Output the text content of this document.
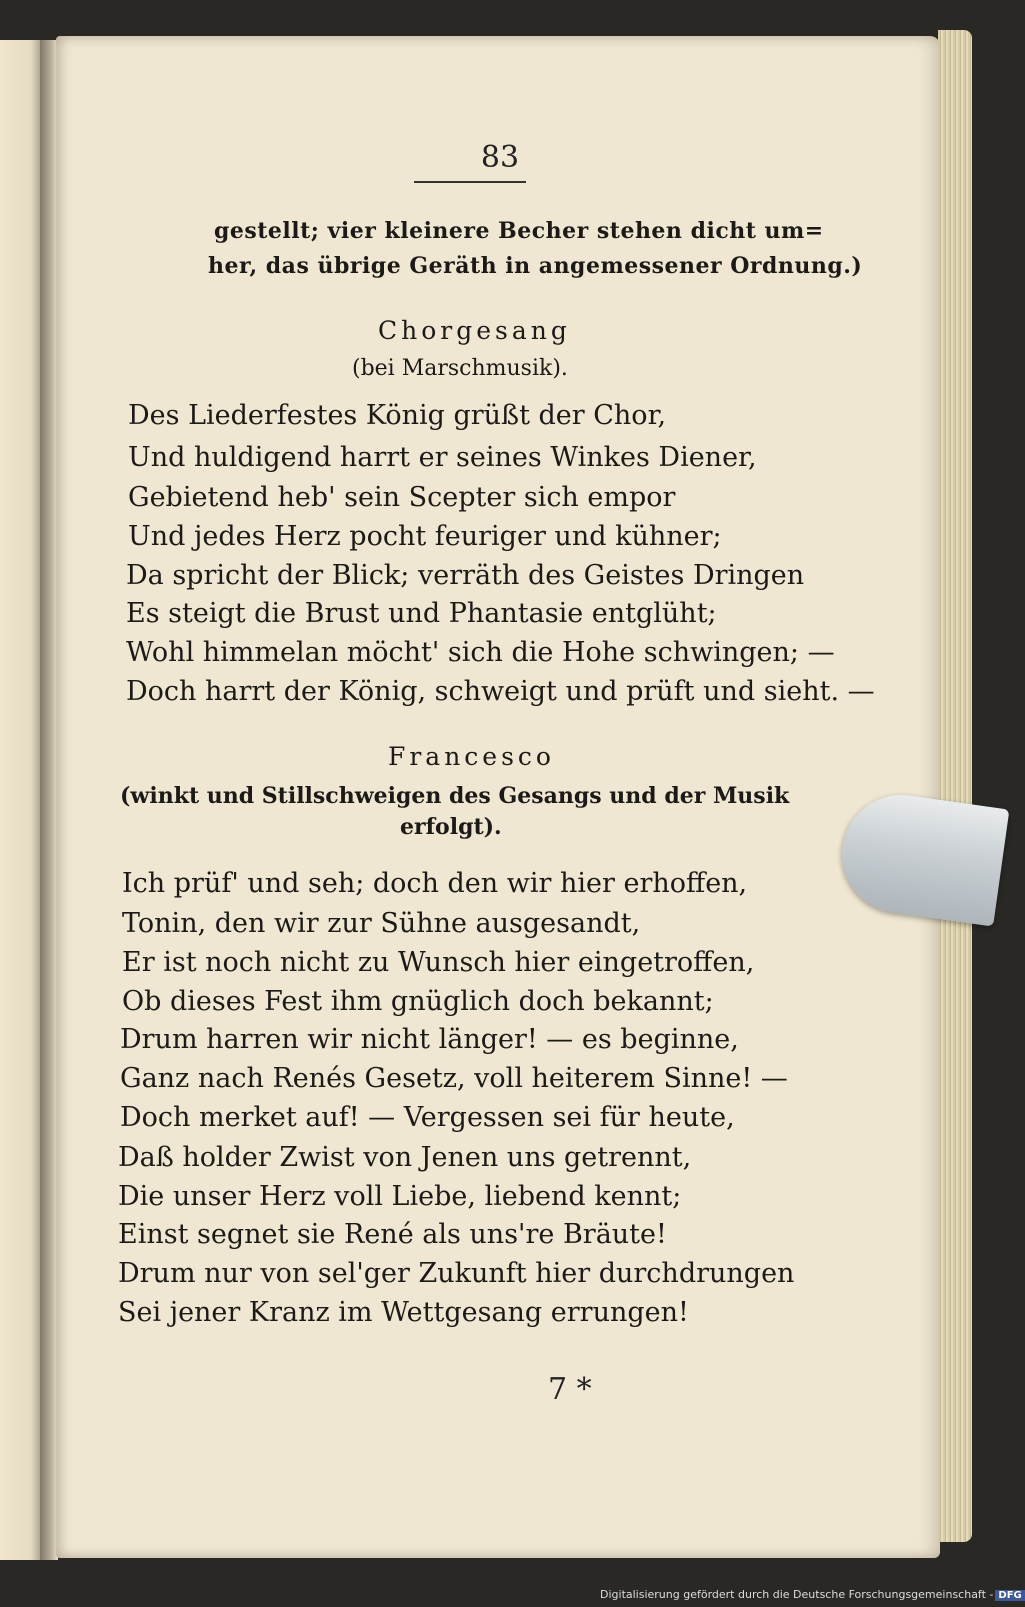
83
gestellt; vier kleinere Becher stehen dicht um=
her, das übrige Geräth in angemessener Ordnung.)
Chorgesang
(bei Marschmusik).
Des Liederfestes König grüßt der Chor,
Und huldigend harrt er seines Winkes Diener,
Gebietend heb' sein Scepter sich empor
Und jedes Herz pocht feuriger und kühner;
Da spricht der Blick; verräth des Geistes Dringen
Es steigt die Brust und Phantasie entglüht;
Wohl himmelan möcht' sich die Hohe schwingen; —
Doch harrt der König, schweigt und prüft und sieht. —
Francesco
(winkt und Stillschweigen des Gesangs und der Musik
erfolgt).
Ich prüf' und seh; doch den wir hier erhoffen,
Tonin, den wir zur Sühne ausgesandt,
Er ist noch nicht zu Wunsch hier eingetroffen,
Ob dieses Fest ihm gnüglich doch bekannt;
Drum harren wir nicht länger! — es beginne,
Ganz nach Renés Gesetz, voll heiterem Sinne! —
Doch merket auf! — Vergessen sei für heute,
Daß holder Zwist von Jenen uns getrennt,
Die unser Herz voll Liebe, liebend kennt;
Einst segnet sie René als uns're Bräute!
Drum nur von sel'ger Zukunft hier durchdrungen
Sei jener Kranz im Wettgesang errungen!
7 *
Digitalisierung gefördert durch die Deutsche Forschungsgemeinschaft - DFG
